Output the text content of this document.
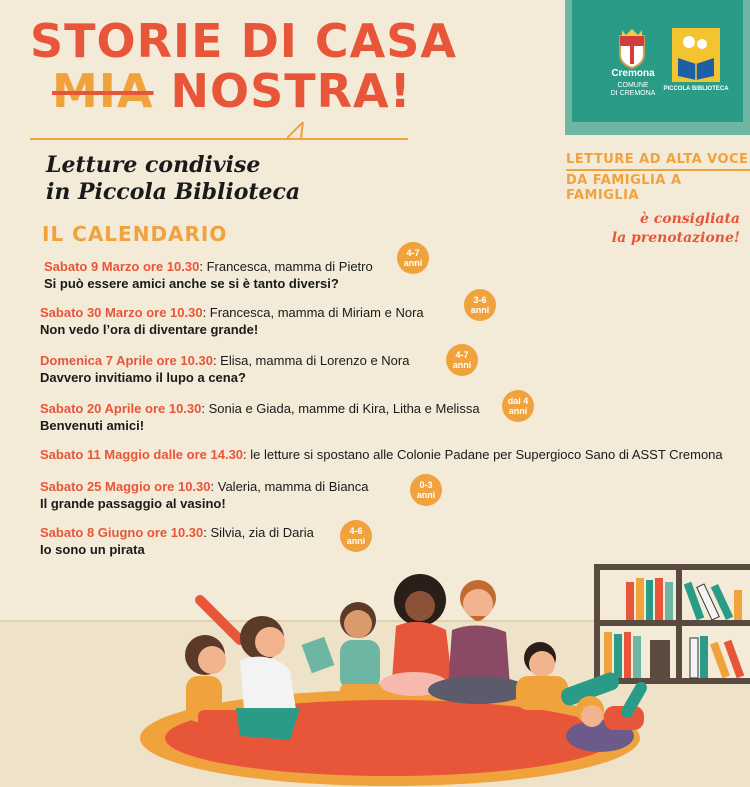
STORIE DI CASA
MIA NOSTRA!
Letture condivise
in Piccola Biblioteca
IL CALENDARIO
Cremona
COMUNE
DI CREMONA
PICCOLA BIBLIOTECA
LETTURE AD ALTA VOCE
DA FAMIGLIA A FAMIGLIA
è consigliata
la prenotazione!
Sabato 9 Marzo ore 10.30: Francesca, mamma di Pietro
Si può essere amici anche se si è tanto diversi?
4-7
anni
Sabato 30 Marzo ore 10.30: Francesca, mamma di Miriam e Nora
Non vedo l’ora di diventare grande!
3-6
anni
Domenica 7 Aprile ore 10.30: Elisa, mamma di Lorenzo e Nora
Davvero invitiamo il lupo a cena?
4-7
anni
Sabato 20 Aprile ore 10.30: Sonia e Giada, mamme di Kira, Litha e Melissa
Benvenuti amici!
dai 4
anni
Sabato 11 Maggio dalle ore 14.30: le letture si spostano alle Colonie Padane per Supergioco Sano di ASST Cremona
Sabato 25 Maggio ore 10.30: Valeria, mamma di Bianca
Il grande passaggio al vasino!
0-3
anni
Sabato 8 Giugno ore 10.30: Silvia, zia di Daria
Io sono un pirata
4-6
anni
